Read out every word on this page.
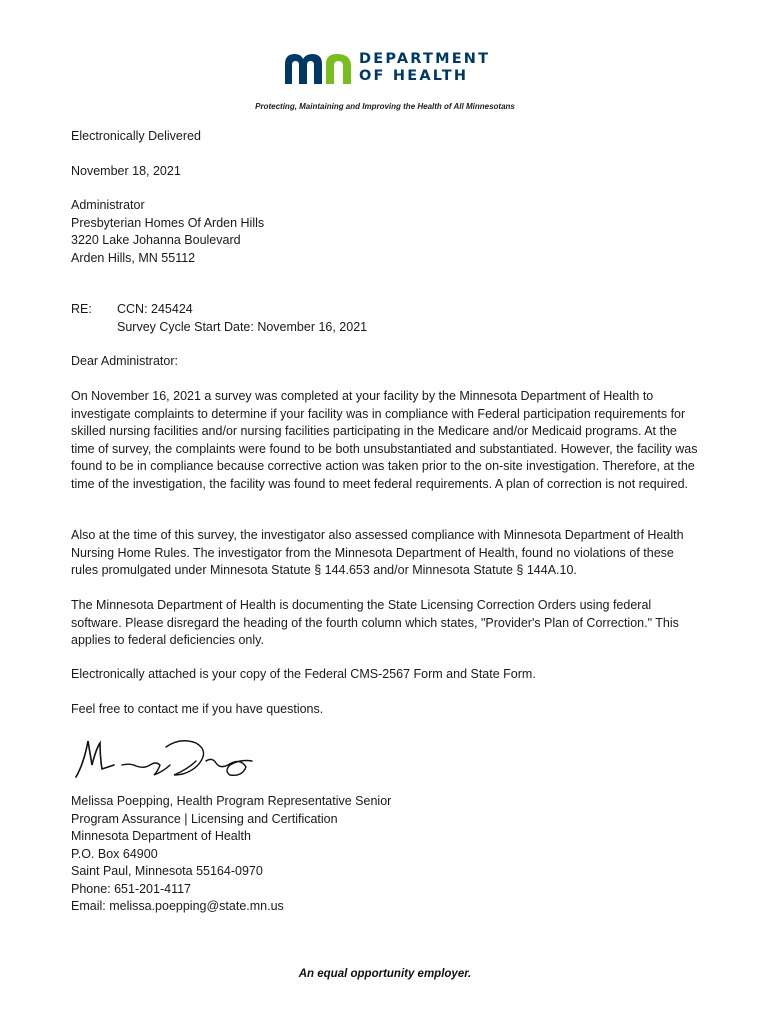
DEPARTMENT
OF HEALTH
Protecting, Maintaining and Improving the Health of All Minnesotans
Electronically Delivered
November 18, 2021
Administrator
Presbyterian Homes Of Arden Hills
3220 Lake Johanna Boulevard
Arden Hills, MN 55112
RE: CCN: 245424
Survey Cycle Start Date: November 16, 2021
Dear Administrator:
On November 16, 2021 a survey was completed at your facility by the Minnesota Department of Health to investigate complaints to determine if your facility was in compliance with Federal participation requirements for skilled nursing facilities and/or nursing facilities participating in the Medicare and/or Medicaid programs. At the time of survey, the complaints were found to be both unsubstantiated and substantiated. However, the facility was found to be in compliance because corrective action was taken prior to the on-site investigation. Therefore, at the time of the investigation, the facility was found to meet federal requirements. A plan of correction is not required.
Also at the time of this survey, the investigator also assessed compliance with Minnesota Department of Health Nursing Home Rules. The investigator from the Minnesota Department of Health, found no violations of these rules promulgated under Minnesota Statute § 144.653 and/or Minnesota Statute § 144A.10.
The Minnesota Department of Health is documenting the State Licensing Correction Orders using federal software. Please disregard the heading of the fourth column which states, "Provider's Plan of Correction." This applies to federal deficiencies only.
Electronically attached is your copy of the Federal CMS-2567 Form and State Form.
Feel free to contact me if you have questions.
Melissa Poepping, Health Program Representative Senior
Program Assurance | Licensing and Certification
Minnesota Department of Health
P.O. Box 64900
Saint Paul, Minnesota 55164-0970
Phone: 651-201-4117
Email: melissa.poepping@state.mn.us
An equal opportunity employer.
